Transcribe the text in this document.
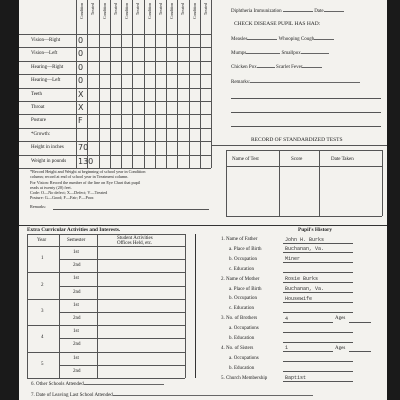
Condition Treated Condition Treated Condition Treated Condition Treated Condition Treated Condition Treated
Vision—Right 0
Vision—Left	0
Hearing—Right 0
Hearing—Left 0
Teeth	X
Throat	X
Posture	F
*Growth:
Height in inches 70
Weight in pounds 130
*Record Height and Weight at beginning of school year in Condition
column; record at end of school year in Treatment column.
For Vision: Record the number of the line on Eye Chart that pupil
reads at twenty (20) feet.
Code: O—No defect; X—Defect; V—Treated
Posture: G—Good; F—Fair; P—Poor.
Remarks:
Diphtheria Immunization	Date
CHECK DISEASE PUPIL HAS HAD:
Measles	Whooping Cough
Mumps	Smallpox
Chicken Pox	Scarlet Fever
Remarks:
RECORD OF STANDARDIZED TESTS
Name of Test	Score	Date Taken
Extra Curricular Activities and Interests.	Pupil's History
Year	Semester	Student Activities
Offices Held, etc.
1
1st
2nd
2
1st
2nd
3
1st
2nd
4
1st
2nd
5
1st
2nd
1. Name of Father	John H. Burks
a. Place of Birth	Buchanan, Va.
b. Occupation	Miner
c. Education
2. Name of Mother	Rosie Burks
a. Place of Birth	Buchanan, Va.
b. Occupation	Housewife
c. Education
3. No. of Brothers	4	Ages
a. Occupations
b. Education
4. No. of Sisters	1	Ages
a. Occupations
b. Education
5. Church Membership	Baptist
6. Other Schools Attended
7. Date of Leaving Last School Attended
